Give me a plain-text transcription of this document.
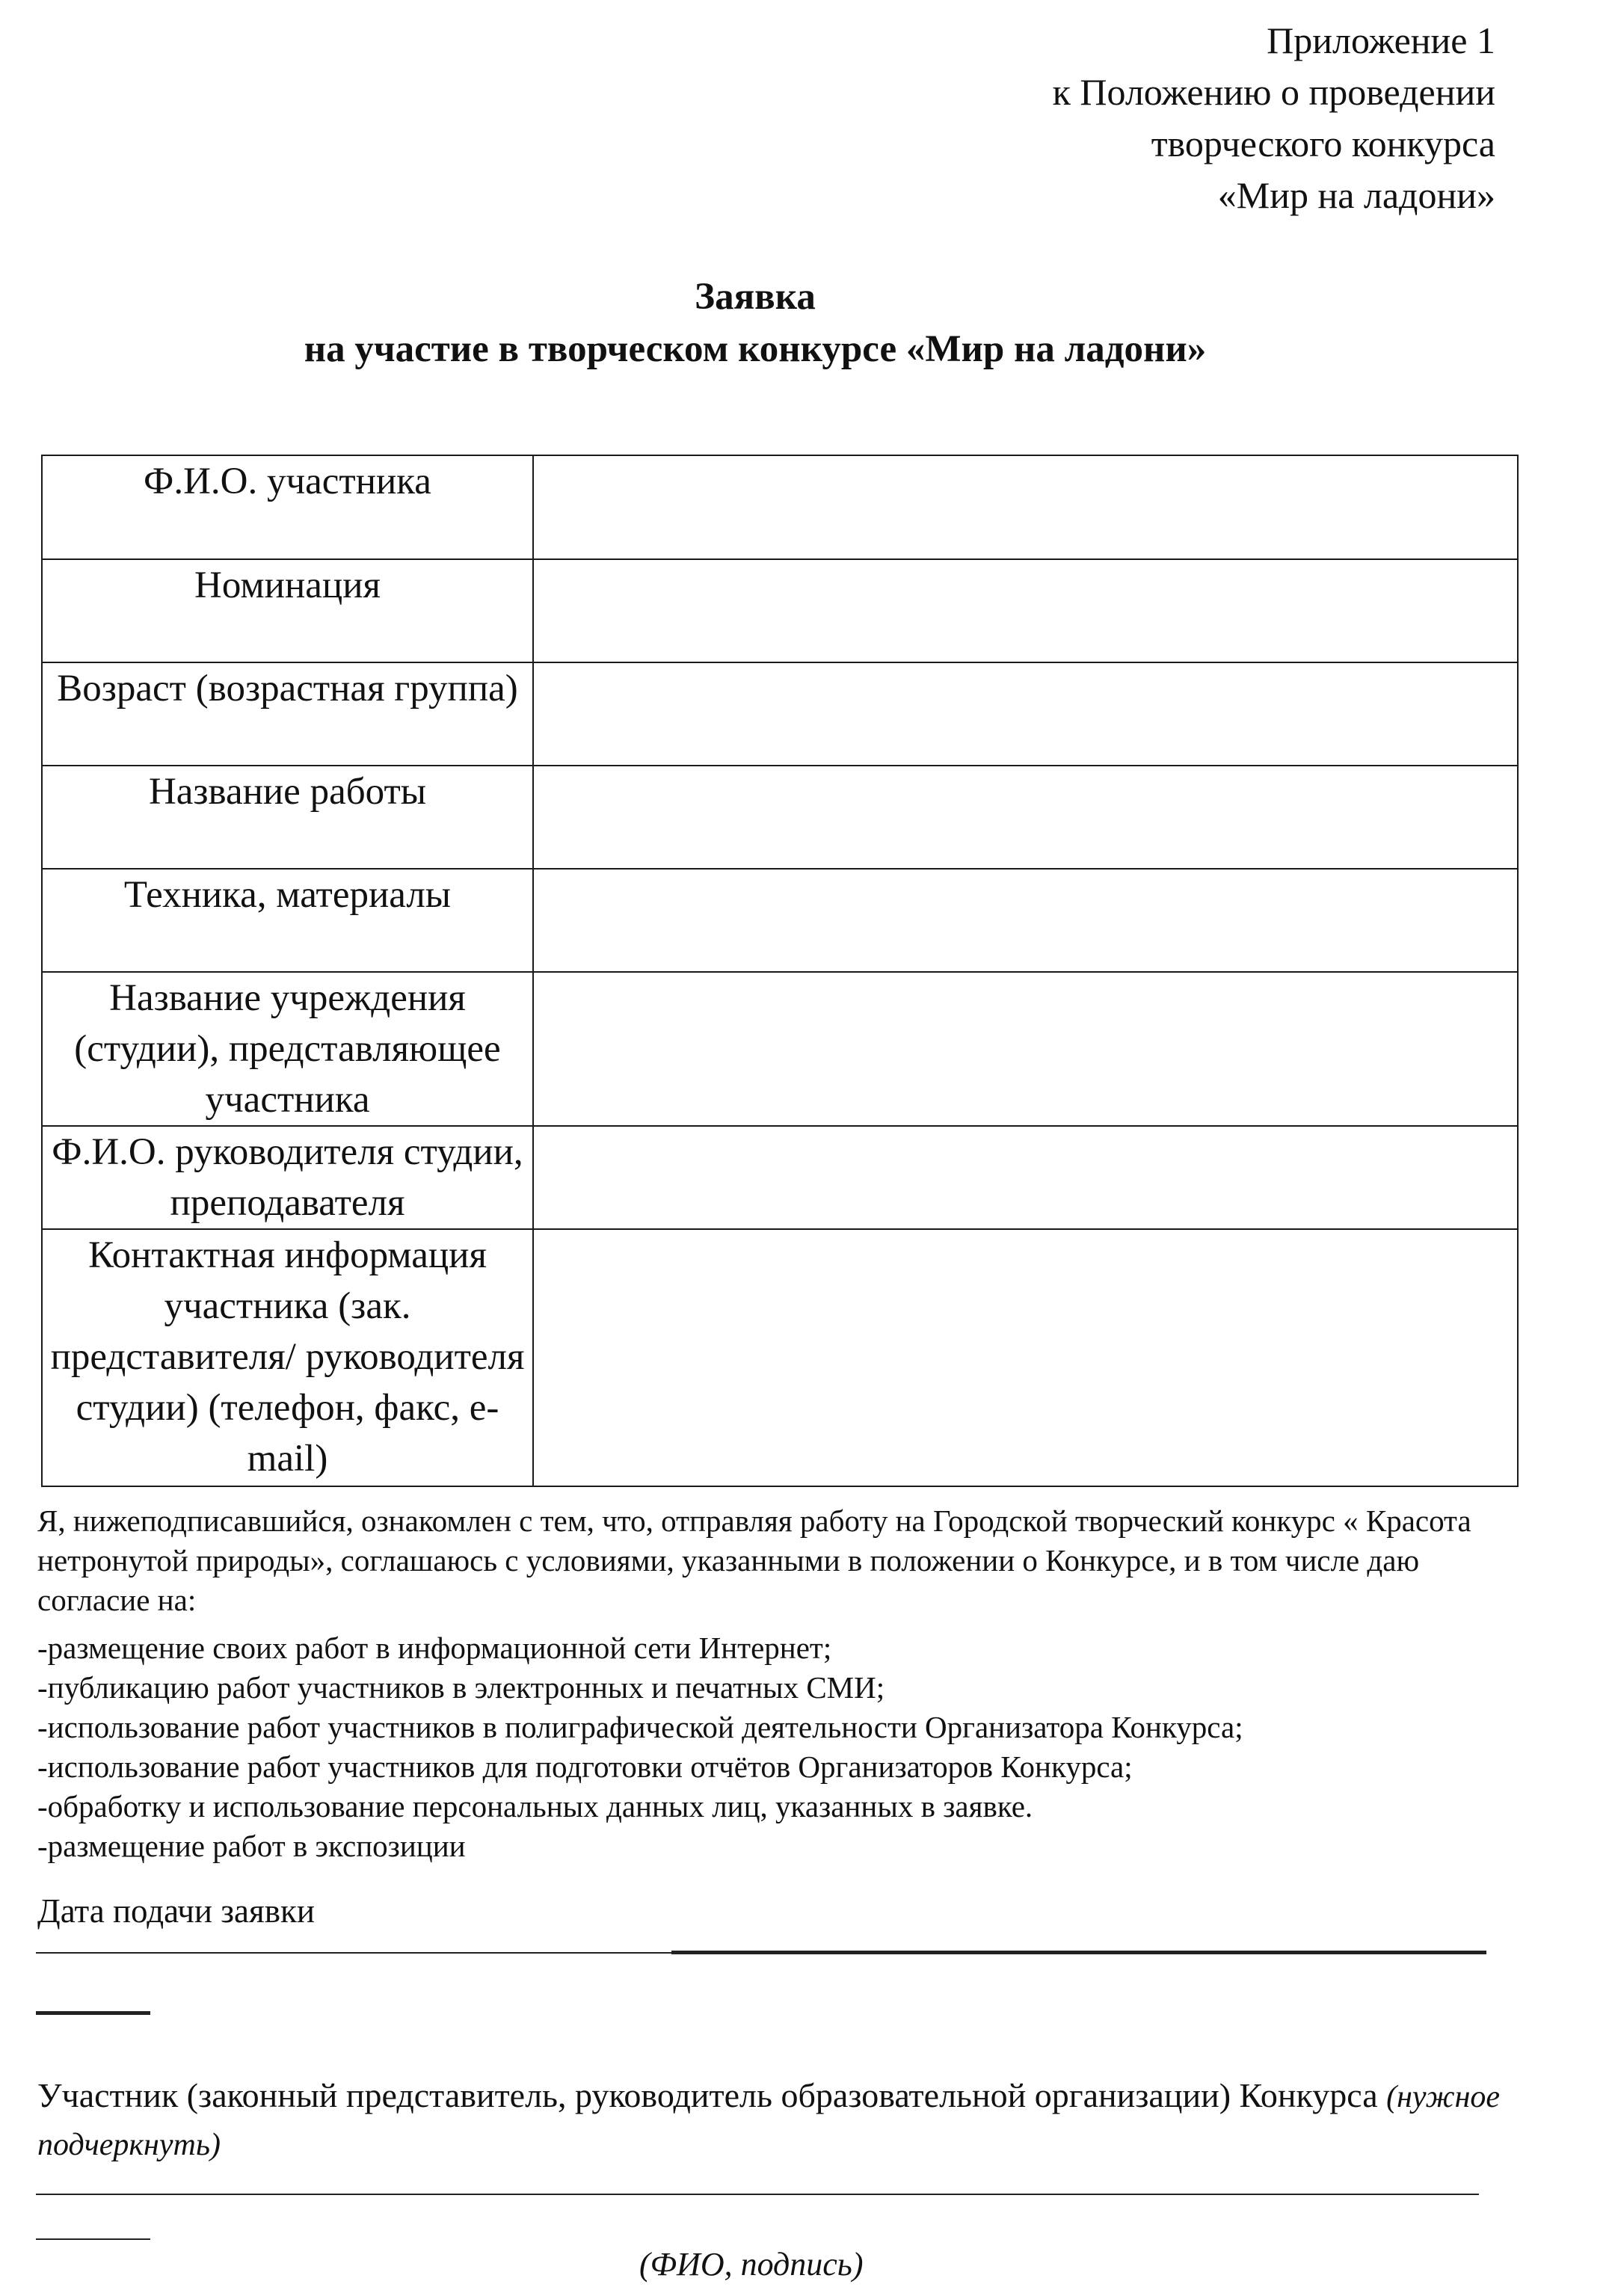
Приложение 1
к Положению о проведении
творческого конкурса
«Мир на ладони»
Заявка
на участие в творческом конкурсе «Мир на ладони»
Ф.И.О. участника	
Номинация	
Возраст (возрастная группа)	
Название работы	
Техника, материалы	
Название учреждения (студии), представляющее участника	
Ф.И.О. руководителя студии, преподавателя	
Контактная информация участника (зак. представителя/ руководителя студии) (телефон, факс, e-mail)	

Я, нижеподписавшийся, ознакомлен с тем, что, отправляя работу на Городской творческий конкурс « Красота нетронутой природы», соглашаюсь с условиями, указанными в положении о Конкурсе, и в том числе даю согласие на:

-размещение своих работ в информационной сети Интернет;
-публикацию работ участников в электронных и печатных СМИ;
-использование работ участников в полиграфической деятельности Организатора Конкурса;
-использование работ участников для подготовки отчётов Организаторов Конкурса;
-обработку и использование персональных данных лиц, указанных в заявке.
-размещение работ в экспозиции
Дата подачи заявки
Участник (законный представитель, руководитель образовательной организации) Конкурса (нужное подчеркнуть)
(ФИО, подпись)
